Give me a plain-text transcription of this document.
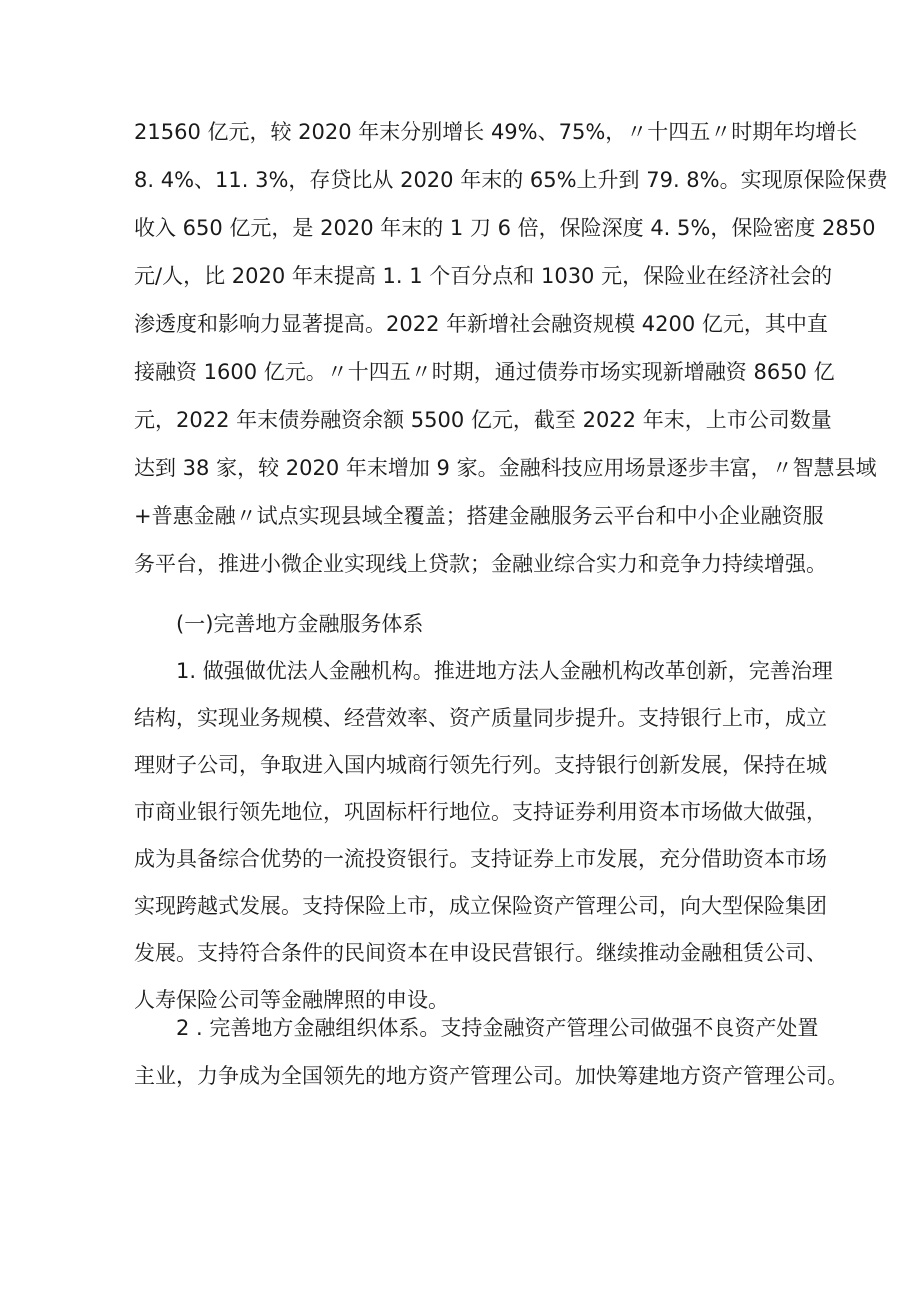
21560 亿元，较 2020 年末分别增长 49%、75%，〃十四五〃时期年均增长
8. 4%、11. 3%，存贷比从 2020 年末的 65%上升到 79. 8%。实现原保险保费
收入 650 亿元，是 2020 年末的 1 刀 6 倍，保险深度 4. 5%，保险密度 2850
元/人，比 2020 年末提高 1. 1 个百分点和 1030 元，保险业在经济社会的
渗透度和影响力显著提高。2022 年新增社会融资规模 4200 亿元，其中直
接融资 1600 亿元。〃十四五〃时期，通过债券市场实现新增融资 8650 亿
元，2022 年末债券融资余额 5500 亿元，截至 2022 年末，上市公司数量
达到 38 家，较 2020 年末增加 9 家。金融科技应用场景逐步丰富，〃智慧县域
+普惠金融〃试点实现县域全覆盖；搭建金融服务云平台和中小企业融资服
务平台，推进小微企业实现线上贷款；金融业综合实力和竞争力持续增强。
(一)完善地方金融服务体系
1. 做强做优法人金融机构。推进地方法人金融机构改革创新，完善治理
结构，实现业务规模、经营效率、资产质量同步提升。支持银行上市，成立
理财子公司，争取进入国内城商行领先行列。支持银行创新发展，保持在城
市商业银行领先地位，巩固标杆行地位。支持证券利用资本市场做大做强，
成为具备综合优势的一流投资银行。支持证券上市发展，充分借助资本市场
实现跨越式发展。支持保险上市，成立保险资产管理公司，向大型保险集团
发展。支持符合条件的民间资本在申设民营银行。继续推动金融租赁公司、
人寿保险公司等金融牌照的申设。
2 . 完善地方金融组织体系。支持金融资产管理公司做强不良资产处置
主业，力争成为全国领先的地方资产管理公司。加快筹建地方资产管理公司。
